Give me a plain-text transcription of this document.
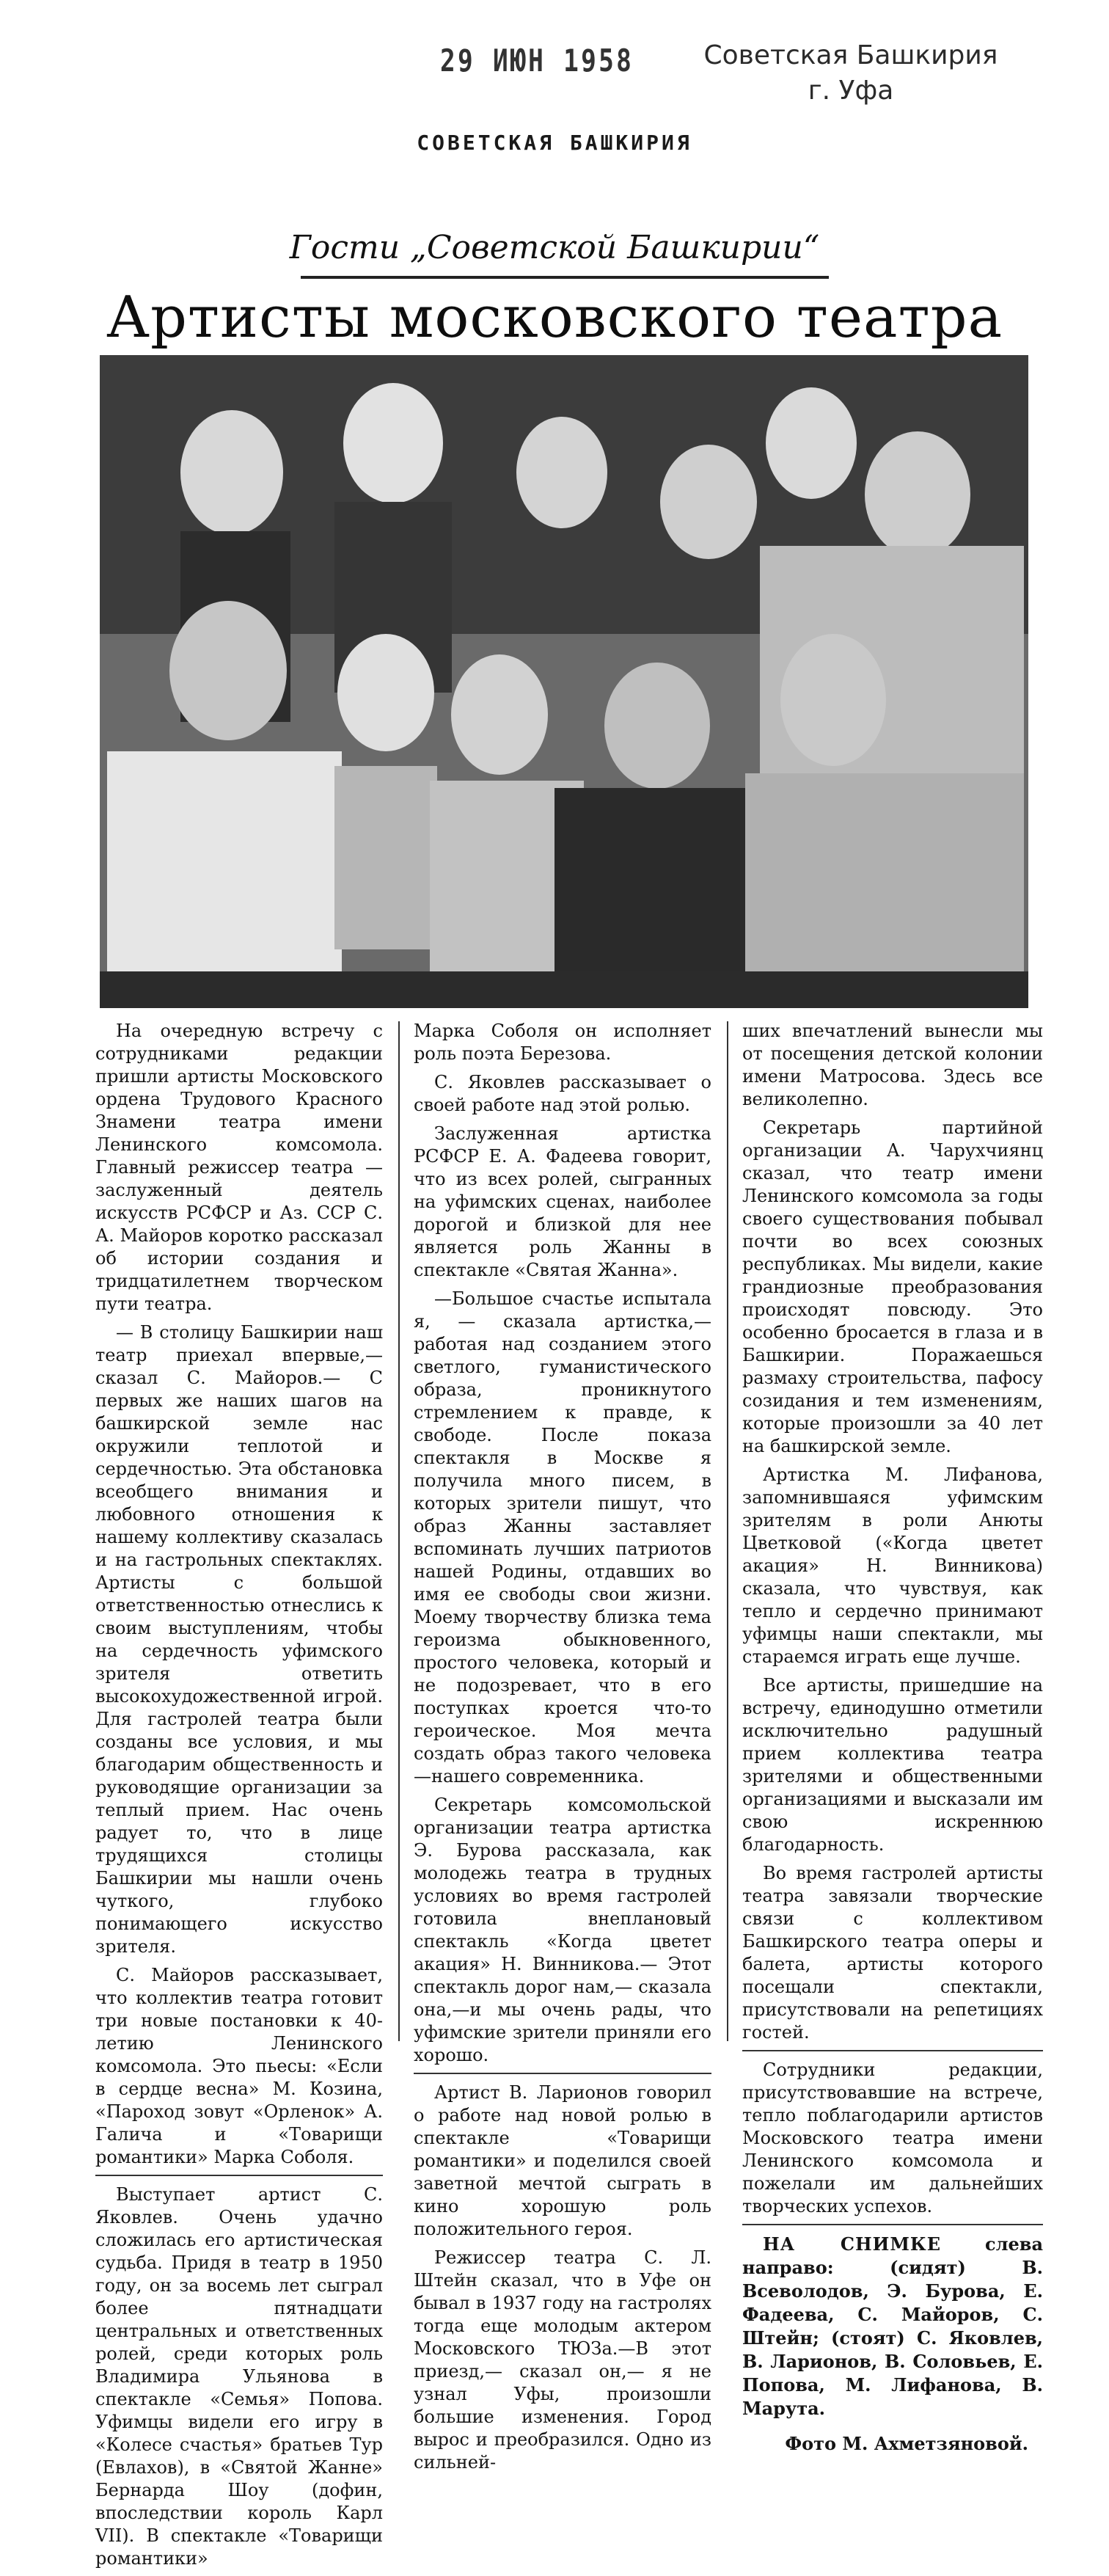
29 ИЮН 1958	Советская Башкирия
г. Уфа
СОВЕТСКАЯ БАШКИРИЯ
Гости „Советской Башкирии“
Артисты московского театра

На очередную встречу с сотрудниками редакции пришли артисты Московского ордена Трудового Красного Знамени театра имени Ленинского комсомола. Главный режиссер театра — заслуженный деятель искусств РСФСР и Аз. ССР С. А. Майоров коротко рассказал об истории создания и тридцатилетнем творческом пути театра.

— В столицу Башкирии наш театр приехал впервые,—сказал С. Майоров.— С первых же наших шагов на башкирской земле нас окружили теплотой и сердечностью. Эта обстановка всеобщего внимания и любовного отношения к нашему коллективу сказалась и на гастрольных спектаклях. Артисты с большой ответственностью отнеслись к своим выступлениям, чтобы на сердечность уфимского зрителя ответить высокохудожественной игрой. Для гастролей театра были созданы все условия, и мы благодарим общественность и руководящие организации за теплый прием. Нас очень радует то, что в лице трудящихся столицы Башкирии мы нашли очень чуткого, глубоко понимающего искусство зрителя.

С. Майоров рассказывает, что коллектив театра готовит три новые постановки к 40-летию Ленинского комсомола. Это пьесы: «Если в сердце весна» М. Козина, «Пароход зовут «Орленок» А. Галича и «Товарищи романтики» Марка Соболя.

Выступает артист С. Яковлев. Очень удачно сложилась его артистическая судьба. Придя в театр в 1950 году, он за восемь лет сыграл более пятнадцати центральных и ответственных ролей, среди которых роль Владимира Ульянова в спектакле «Семья» Попова. Уфимцы видели его игру в «Колесе счастья» братьев Тур (Евлахов), в «Святой Жанне» Бернарда Шоу (дофин, впоследствии король Карл VII). В спектакле «Товарищи романтики»

Марка Соболя он исполняет роль поэта Березова.

С. Яковлев рассказывает о своей работе над этой ролью.

Заслуженная артистка РСФСР Е. А. Фадеева говорит, что из всех ролей, сыгранных на уфимских сценах, наиболее дорогой и близкой для нее является роль Жанны в спектакле «Святая Жанна».

—Большое счастье испытала я, — сказала артистка,—работая над созданием этого светлого, гуманистического образа, проникнутого стремлением к правде, к свободе. После показа спектакля в Москве я получила много писем, в которых зрители пишут, что образ Жанны заставляет вспоминать лучших патриотов нашей Родины, отдавших во имя ее свободы свои жизни. Моему творчеству близка тема героизма обыкновенного, простого человека, который и не подозревает, что в его поступках кроется что-то героическое. Моя мечта создать образ такого человека—нашего современника.

Секретарь комсомольской организации театра артистка Э. Бурова рассказала, как молодежь театра в трудных условиях во время гастролей готовила внеплановый спектакль «Когда цветет акация» Н. Винникова.— Этот спектакль дорог нам,— сказала она,—и мы очень рады, что уфимские зрители приняли его хорошо.

Артист В. Ларионов говорил о работе над новой ролью в спектакле «Товарищи романтики» и поделился своей заветной мечтой сыграть в кино хорошую роль положительного героя.

Режиссер театра С. Л. Штейн сказал, что в Уфе он бывал в 1937 году на гастролях тогда еще молодым актером Московского ТЮЗа.—В этот приезд,— сказал он,— я не узнал Уфы, произошли большие изменения. Город вырос и преобразился. Одно из сильней-

ших впечатлений вынесли мы от посещения детской колонии имени Матросова. Здесь все великолепно.

Секретарь партийной организации А. Чарухчиянц сказал, что театр имени Ленинского комсомола за годы своего существования побывал почти во всех союзных республиках. Мы видели, какие грандиозные преобразования происходят повсюду. Это особенно бросается в глаза и в Башкирии. Поражаешься размаху строительства, пафосу созидания и тем изменениям, которые произошли за 40 лет на башкирской земле.

Артистка М. Лифанова, запомнившаяся уфимским зрителям в роли Анюты Цветковой («Когда цветет акация» Н. Винникова) сказала, что чувствуя, как тепло и сердечно принимают уфимцы наши спектакли, мы стараемся играть еще лучше.

Все артисты, пришедшие на встречу, единодушно отметили исключительно радушный прием коллектива театра зрителями и общественными организациями и высказали им свою искреннюю благодарность.

Во время гастролей артисты театра завязали творческие связи с коллективом Башкирского театра оперы и балета, артисты которого посещали спектакли, присутствовали на репетициях гостей.

Сотрудники редакции, присутствовавшие на встрече, тепло поблагодарили артистов Московского театра имени Ленинского комсомола и пожелали им дальнейших творческих успехов.

НА СНИМКЕ слева направо: (сидят) В. Всеволодов, Э. Бурова, Е. Фадеева, С. Майоров, С. Штейн; (стоят) С. Яковлев, В. Ларионов, В. Соловьев, Е. Попова, М. Лифанова, В. Марута.

Фото М. Ахметзяновой.
